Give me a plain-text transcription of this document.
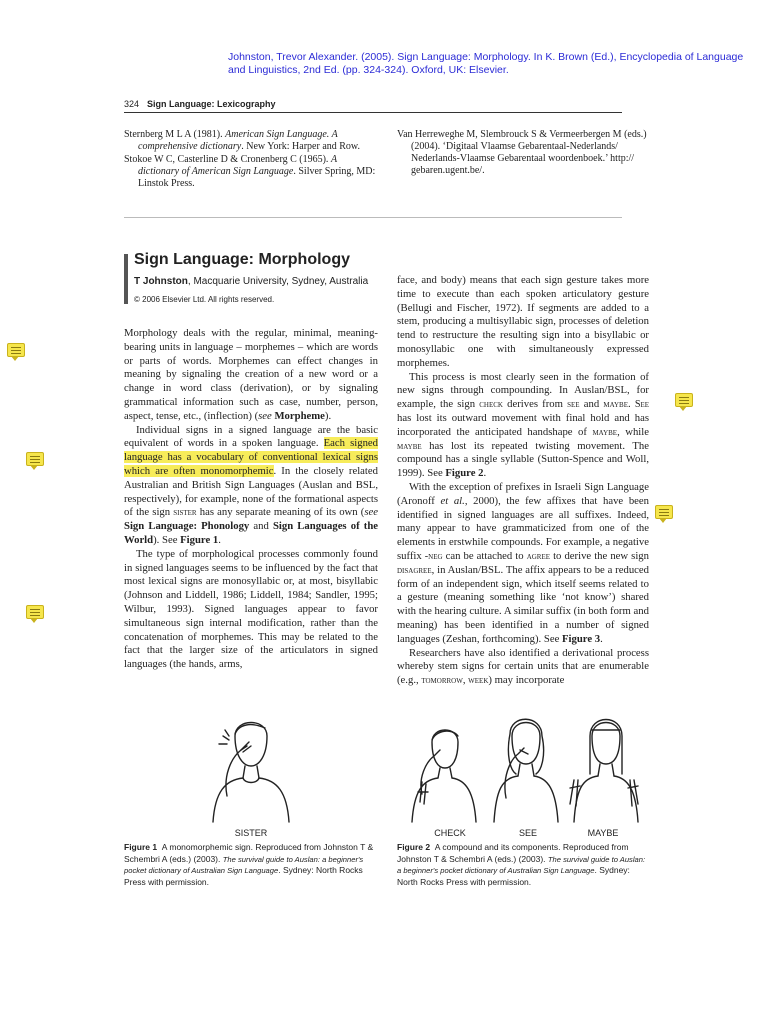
Johnston, Trevor Alexander. (2005). Sign Language: Morphology. In K. Brown (Ed.), Encyclopedia of Language and Linguistics, 2nd Ed. (pp. 324-324). Oxford, UK: Elsevier.
324 Sign Language: Lexicography

Sternberg M L A (1981). American Sign Language. A comprehensive dictionary. New York: Harper and Row.

Stokoe W C, Casterline D & Cronenberg C (1965). A dictionary of American Sign Language. Silver Spring, MD: Linstok Press.

Van Herreweghe M, Slembrouck S & Vermeerbergen M (eds.) (2004). ‘Digitaal Vlaamse Gebarentaal-Nederlands/ Nederlands-Vlaamse Gebarentaal woordenboek.’ http:// gebaren.ugent.be/.

Sign Language: Morphology
T Johnston, Macquarie University, Sydney, Australia
© 2006 Elsevier Ltd. All rights reserved.

Morphology deals with the regular, minimal, meaning-bearing units in language – morphemes – which are words or parts of words. Morphemes can effect changes in meaning by signaling the creation of a new word or a change in word class (derivation), or by signaling grammatical information such as case, number, person, aspect, tense, etc., (inflection) (see Morpheme).

Individual signs in a signed language are the basic equivalent of words in a spoken language. Each signed language has a vocabulary of conventional lexical signs which are often monomorphemic. In the closely related Australian and British Sign Languages (Auslan and BSL, respectively), for example, none of the formational aspects of the sign sister has any separate meaning of its own (see Sign Language: Phonology and Sign Languages of the World). See Figure 1.

The type of morphological processes commonly found in signed languages seems to be influenced by the fact that most lexical signs are monosyllabic or, at most, bisyllabic (Johnson and Liddell, 1986; Liddell, 1984; Sandler, 1995; Wilbur, 1993). Signed languages appear to favor simultaneous sign internal modification, rather than the concatenation of morphemes. This may be related to the fact that the larger size of the articulators in signed languages (the hands, arms,

face, and body) means that each sign gesture takes more time to execute than each spoken articulatory gesture (Bellugi and Fischer, 1972). If segments are added to a stem, producing a multisyllabic sign, processes of deletion tend to restructure the resulting sign into a bisyllabic or monosyllabic one with simultaneously expressed morphemes.

This process is most clearly seen in the formation of new signs through compounding. In Auslan/BSL, for example, the sign check derives from see and maybe. See has lost its outward movement with final hold and has incorporated the anticipated handshape of maybe, while maybe has lost its repeated twisting movement. The compound has a single syllable (Sutton-Spence and Woll, 1999). See Figure 2.

With the exception of prefixes in Israeli Sign Language (Aronoff et al., 2000), the few affixes that have been identified in signed languages are all suffixes. Indeed, many appear to have grammaticized from one of the elements in erstwhile compounds. For example, a negative suffix -neg can be attached to agree to derive the new sign disagree, in Auslan/BSL. The affix appears to be a reduced form of an independent sign, which itself seems related to a gesture (meaning something like ‘not know’) shared with the hearing culture. A similar suffix (in both form and meaning) has been identified in a number of signed languages (Zeshan, forthcoming). See Figure 3.

Researchers have also identified a derivational process whereby stem signs for certain units that are enumerable (e.g., tomorrow, week) may incorporate

SISTER	CHECK	SEE	MAYBE
Figure 1 A monomorphemic sign. Reproduced from Johnston T & Schembri A (eds.) (2003). The survival guide to Auslan: a beginner's pocket dictionary of Australian Sign Language. Sydney: North Rocks Press with permission.
Figure 2 A compound and its components. Reproduced from Johnston T & Schembri A (eds.) (2003). The survival guide to Auslan: a beginner's pocket dictionary of Australian Sign Language. Sydney: North Rocks Press with permission.
